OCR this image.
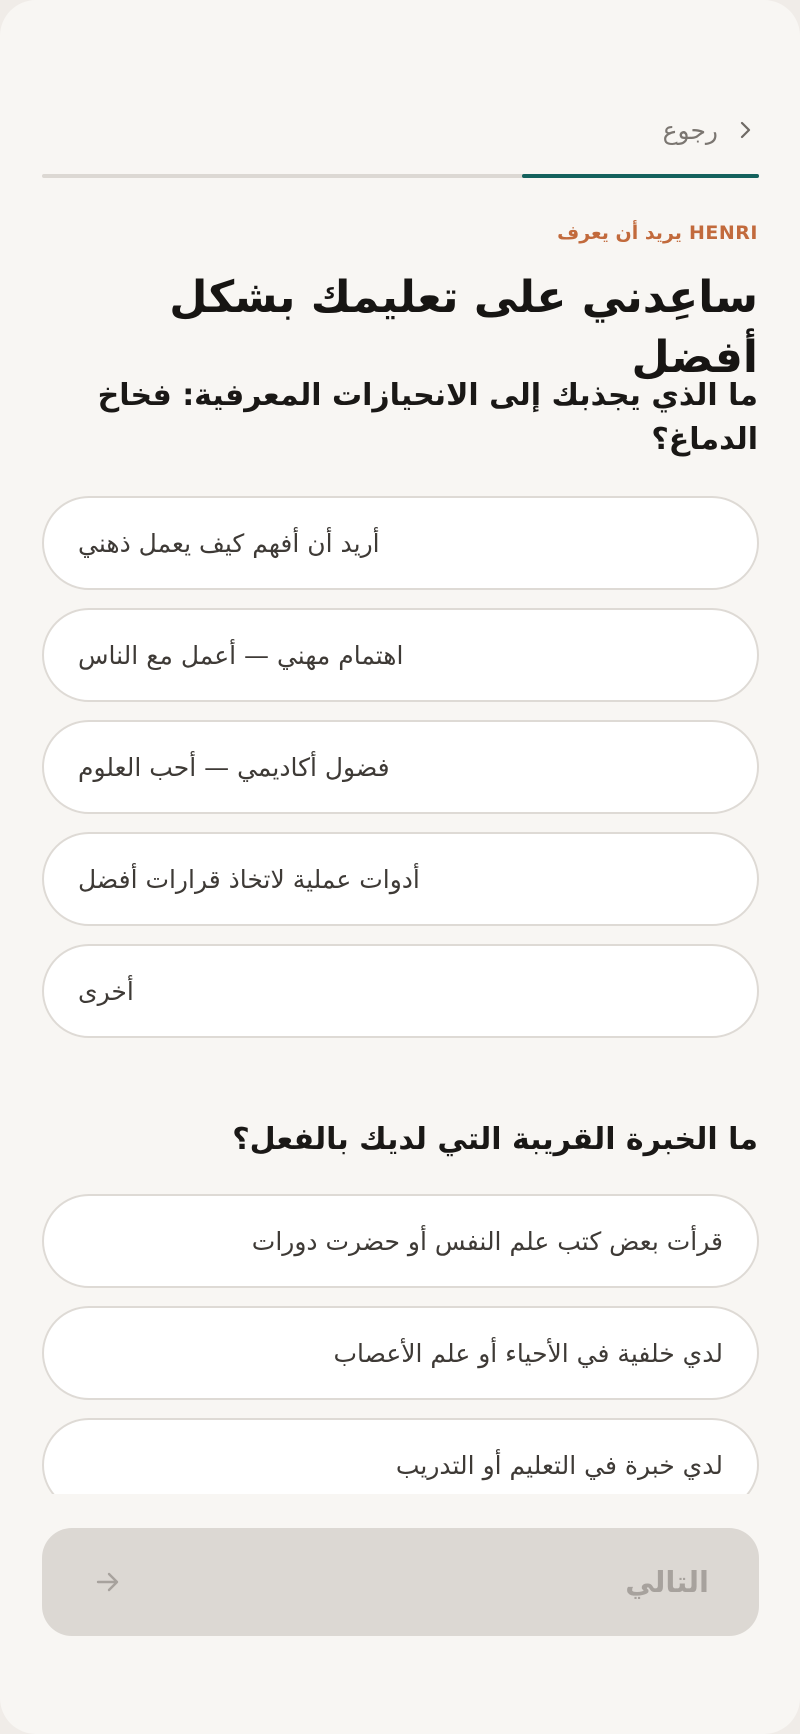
رجوع
HENRI يريد أن يعرف
ساعِدني على تعليمك بشكل أفضل
ما الذي يجذبك إلى الانحيازات المعرفية: فخاخ الدماغ؟
أريد أن أفهم كيف يعمل ذهني
اهتمام مهني — أعمل مع الناس
فضول أكاديمي — أحب العلوم
أدوات عملية لاتخاذ قرارات أفضل
أخرى
ما الخبرة القريبة التي لديك بالفعل؟
قرأت بعض كتب علم النفس أو حضرت دورات
لدي خلفية في الأحياء أو علم الأعصاب
لدي خبرة في التعليم أو التدريب
التالي
